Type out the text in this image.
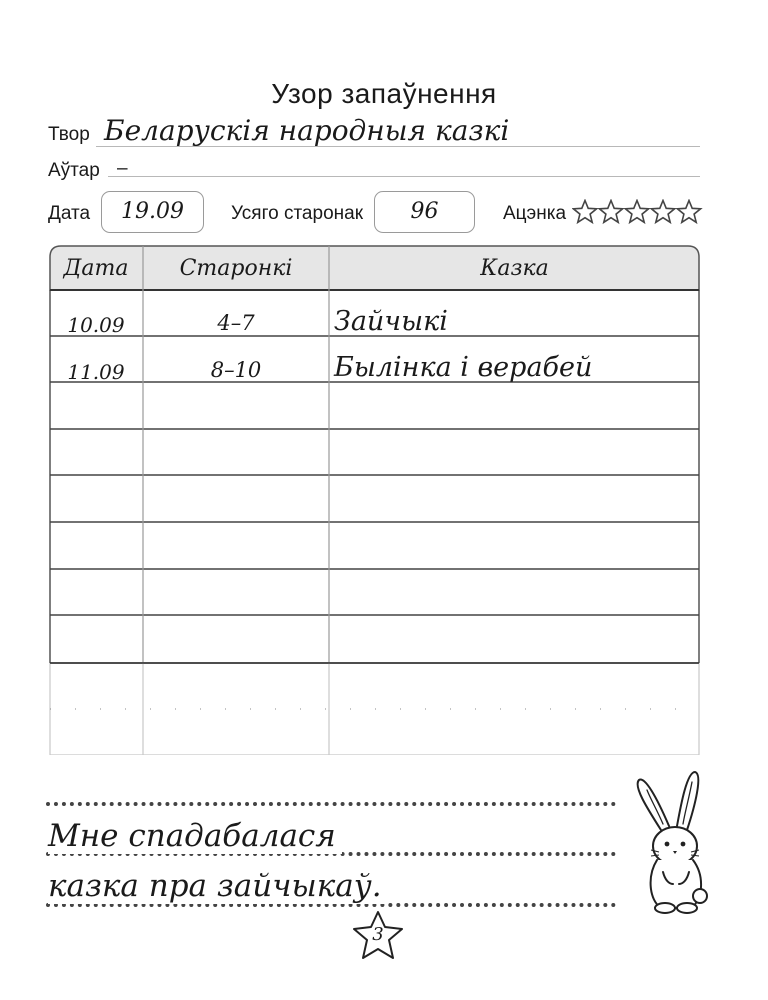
Узор запаўнення
Твор Беларускія народныя казкі
Аўтар –
Дата	19.09	Усяго старонак	96	Ацэнка
Дата	Старонкі	Казка
10.09	4–7	Зайчыкі
11.09	8–10	Былінка і верабей
Мне спадабалася
казка пра зайчыкаў.
3
